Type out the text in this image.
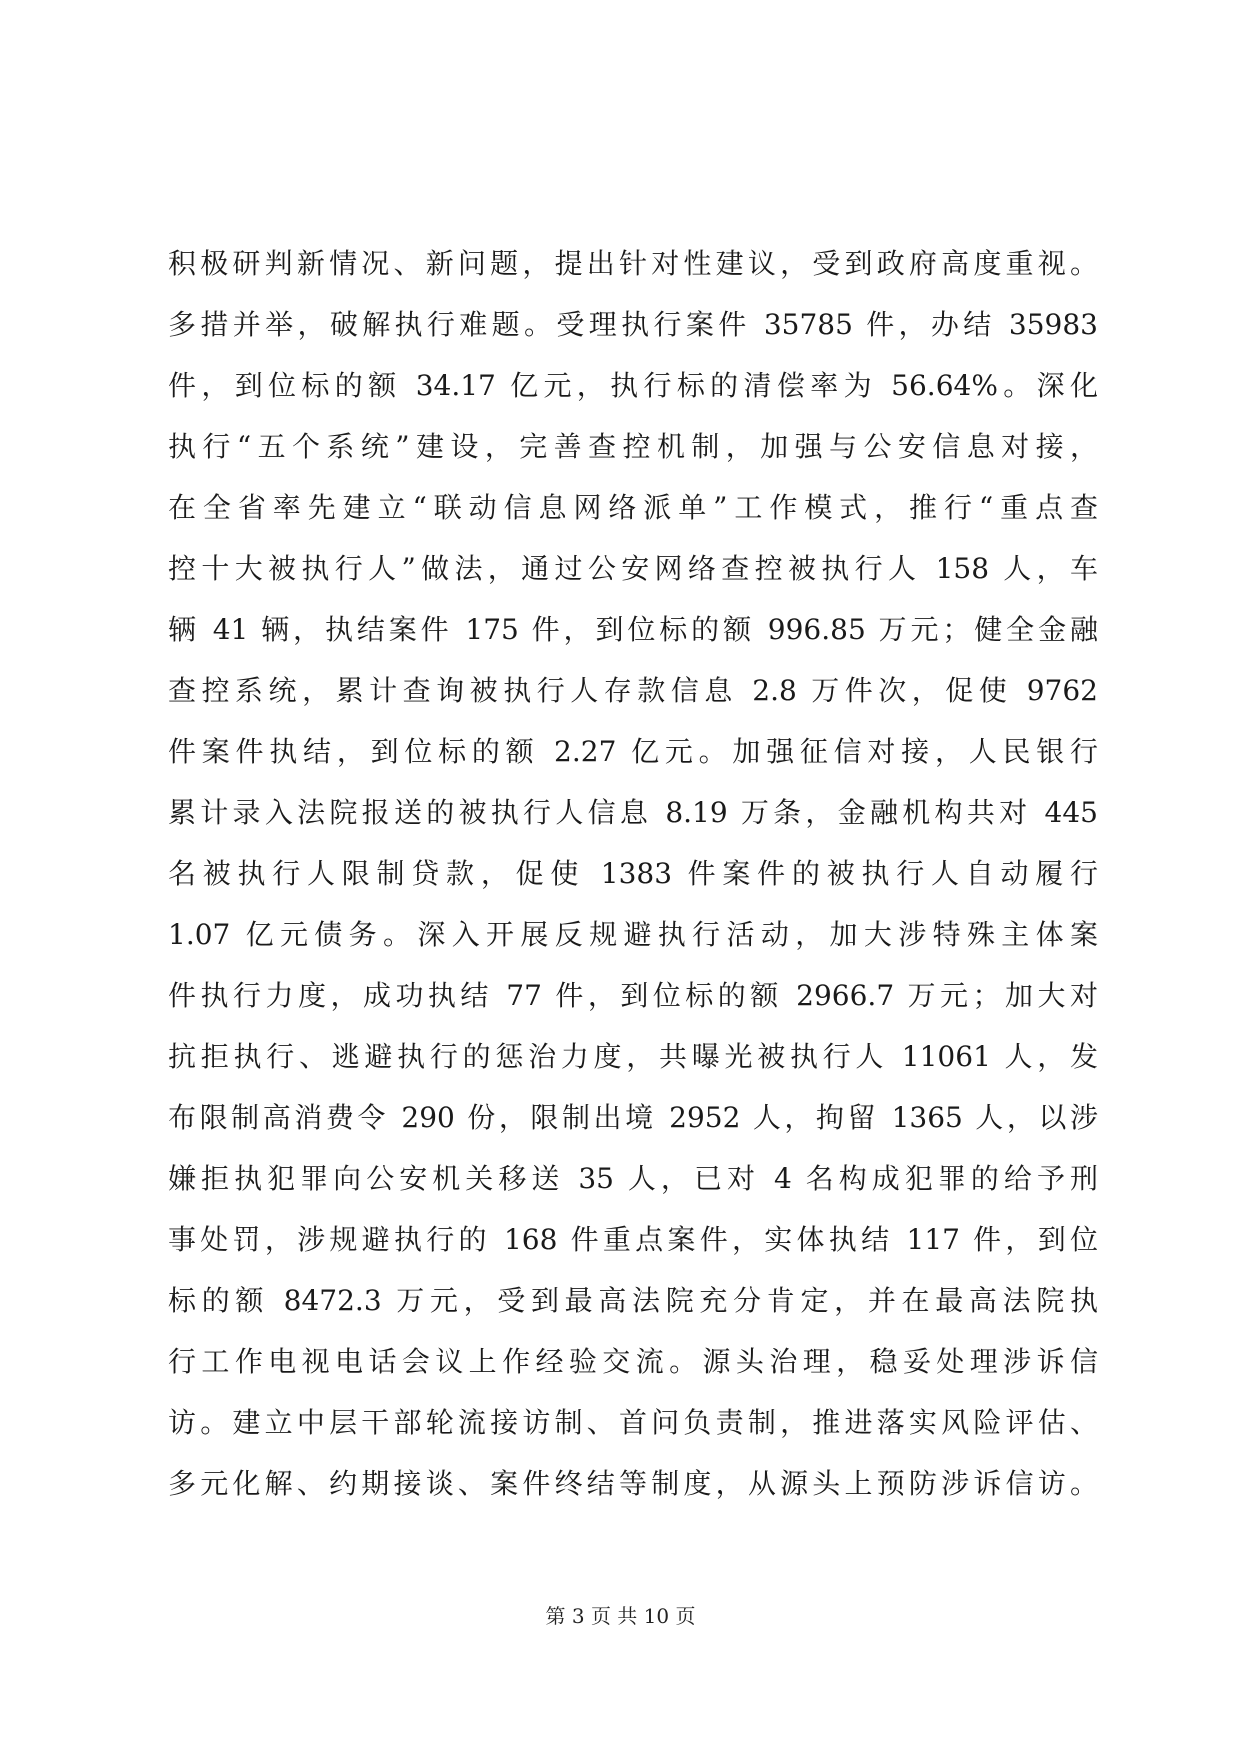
积极研判新情况、新问题，提出针对性建议，受到政府高度重视。
多措并举，破解执行难题。受理执行案件 35785 件，办结 35983
件，到位标的额 34.17 亿元，执行标的清偿率为 56.64%。深化
执行“五个系统”建设，完善查控机制，加强与公安信息对接，
在全省率先建立“联动信息网络派单”工作模式，推行“重点查
控十大被执行人”做法，通过公安网络查控被执行人 158 人，车
辆 41 辆，执结案件 175 件，到位标的额 996.85 万元；健全金融
查控系统，累计查询被执行人存款信息 2.8 万件次，促使 9762
件案件执结，到位标的额 2.27 亿元。加强征信对接，人民银行
累计录入法院报送的被执行人信息 8.19 万条，金融机构共对 445
名被执行人限制贷款，促使 1383 件案件的被执行人自动履行
1.07 亿元债务。深入开展反规避执行活动，加大涉特殊主体案
件执行力度，成功执结 77 件，到位标的额 2966.7 万元；加大对
抗拒执行、逃避执行的惩治力度，共曝光被执行人 11061 人，发
布限制高消费令 290 份，限制出境 2952 人，拘留 1365 人，以涉
嫌拒执犯罪向公安机关移送 35 人，已对 4 名构成犯罪的给予刑
事处罚，涉规避执行的 168 件重点案件，实体执结 117 件，到位
标的额 8472.3 万元，受到最高法院充分肯定，并在最高法院执
行工作电视电话会议上作经验交流。源头治理，稳妥处理涉诉信
访。建立中层干部轮流接访制、首问负责制，推进落实风险评估、
多元化解、约期接谈、案件终结等制度，从源头上预防涉诉信访。
第 3 页 共 10 页
